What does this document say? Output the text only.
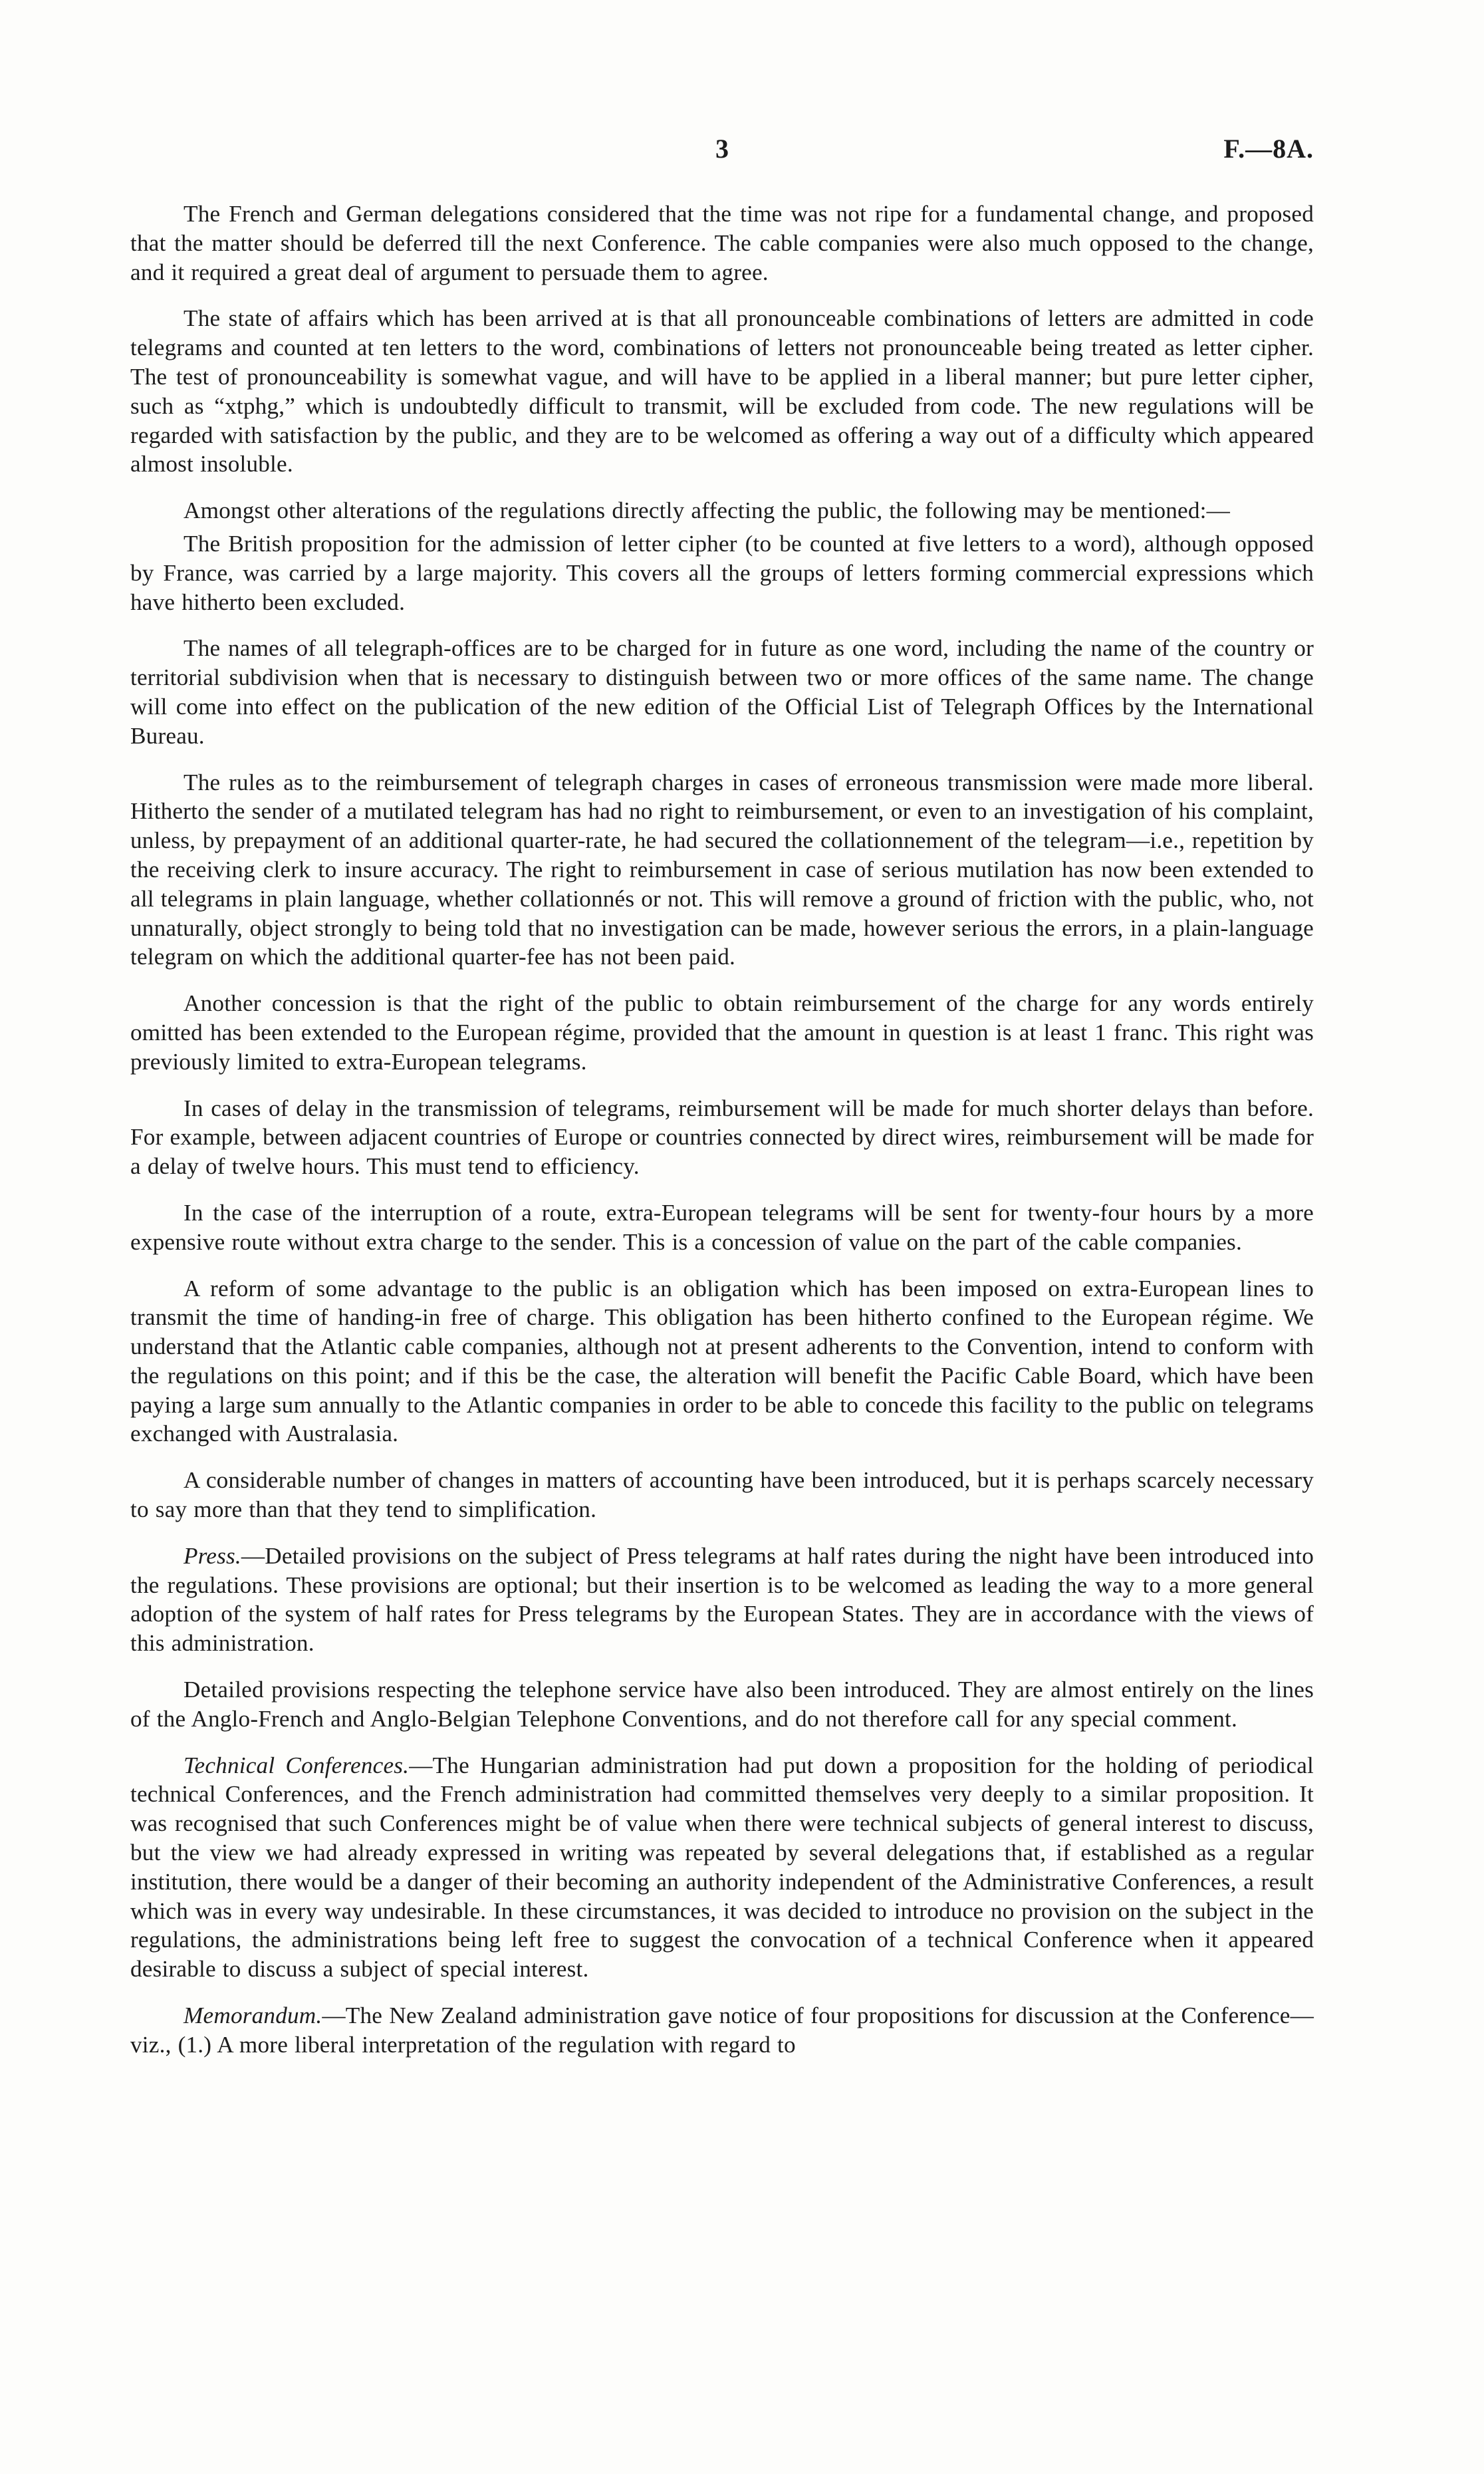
3	F.—8A.

The French and German delegations considered that the time was not ripe for a fundamental change, and proposed that the matter should be deferred till the next Conference. The cable companies were also much opposed to the change, and it required a great deal of argument to persuade them to agree.

The state of affairs which has been arrived at is that all pronounceable combinations of letters are admitted in code telegrams and counted at ten letters to the word, combinations of letters not pronounceable being treated as letter cipher. The test of pronounceability is somewhat vague, and will have to be applied in a liberal manner; but pure letter cipher, such as “xtphg,” which is undoubtedly difficult to transmit, will be excluded from code. The new regulations will be regarded with satisfaction by the public, and they are to be welcomed as offering a way out of a difficulty which appeared almost insoluble.

Amongst other alterations of the regulations directly affecting the public, the following may be mentioned:—

The British proposition for the admission of letter cipher (to be counted at five letters to a word), although opposed by France, was carried by a large majority. This covers all the groups of letters forming commercial expressions which have hitherto been excluded.

The names of all telegraph-offices are to be charged for in future as one word, including the name of the country or territorial subdivision when that is necessary to distinguish between two or more offices of the same name. The change will come into effect on the publication of the new edition of the Official List of Telegraph Offices by the International Bureau.

The rules as to the reimbursement of telegraph charges in cases of erroneous transmission were made more liberal. Hitherto the sender of a mutilated telegram has had no right to reimbursement, or even to an investigation of his complaint, unless, by prepayment of an additional quarter-rate, he had secured the collationnement of the telegram—i.e., repetition by the receiving clerk to insure accuracy. The right to reimbursement in case of serious mutilation has now been extended to all telegrams in plain language, whether collationnés or not. This will remove a ground of friction with the public, who, not unnaturally, object strongly to being told that no investigation can be made, however serious the errors, in a plain-language telegram on which the additional quarter-fee has not been paid.

Another concession is that the right of the public to obtain reimbursement of the charge for any words entirely omitted has been extended to the European régime, provided that the amount in question is at least 1 franc. This right was previously limited to extra-European telegrams.

In cases of delay in the transmission of telegrams, reimbursement will be made for much shorter delays than before. For example, between adjacent countries of Europe or countries connected by direct wires, reimbursement will be made for a delay of twelve hours. This must tend to efficiency.

In the case of the interruption of a route, extra-European telegrams will be sent for twenty-four hours by a more expensive route without extra charge to the sender. This is a concession of value on the part of the cable companies.

A reform of some advantage to the public is an obligation which has been imposed on extra-European lines to transmit the time of handing-in free of charge. This obligation has been hitherto confined to the European régime. We understand that the Atlantic cable companies, although not at present adherents to the Convention, intend to conform with the regulations on this point; and if this be the case, the alteration will benefit the Pacific Cable Board, which have been paying a large sum annually to the Atlantic companies in order to be able to concede this facility to the public on telegrams exchanged with Australasia.

A considerable number of changes in matters of accounting have been introduced, but it is perhaps scarcely necessary to say more than that they tend to simplification.

Press.—Detailed provisions on the subject of Press telegrams at half rates during the night have been introduced into the regulations. These provisions are optional; but their insertion is to be welcomed as leading the way to a more general adoption of the system of half rates for Press telegrams by the European States. They are in accordance with the views of this administration.

Detailed provisions respecting the telephone service have also been introduced. They are almost entirely on the lines of the Anglo-French and Anglo-Belgian Telephone Conventions, and do not therefore call for any special comment.

Technical Conferences.—The Hungarian administration had put down a proposition for the holding of periodical technical Conferences, and the French administration had committed themselves very deeply to a similar proposition. It was recognised that such Conferences might be of value when there were technical subjects of general interest to discuss, but the view we had already expressed in writing was repeated by several delegations that, if established as a regular institution, there would be a danger of their becoming an authority independent of the Administrative Conferences, a result which was in every way undesirable. In these circumstances, it was decided to introduce no provision on the subject in the regulations, the administrations being left free to suggest the convocation of a technical Conference when it appeared desirable to discuss a subject of special interest.

Memorandum.—The New Zealand administration gave notice of four propositions for discussion at the Conference—viz., (1.) A more liberal interpretation of the regulation with regard to
